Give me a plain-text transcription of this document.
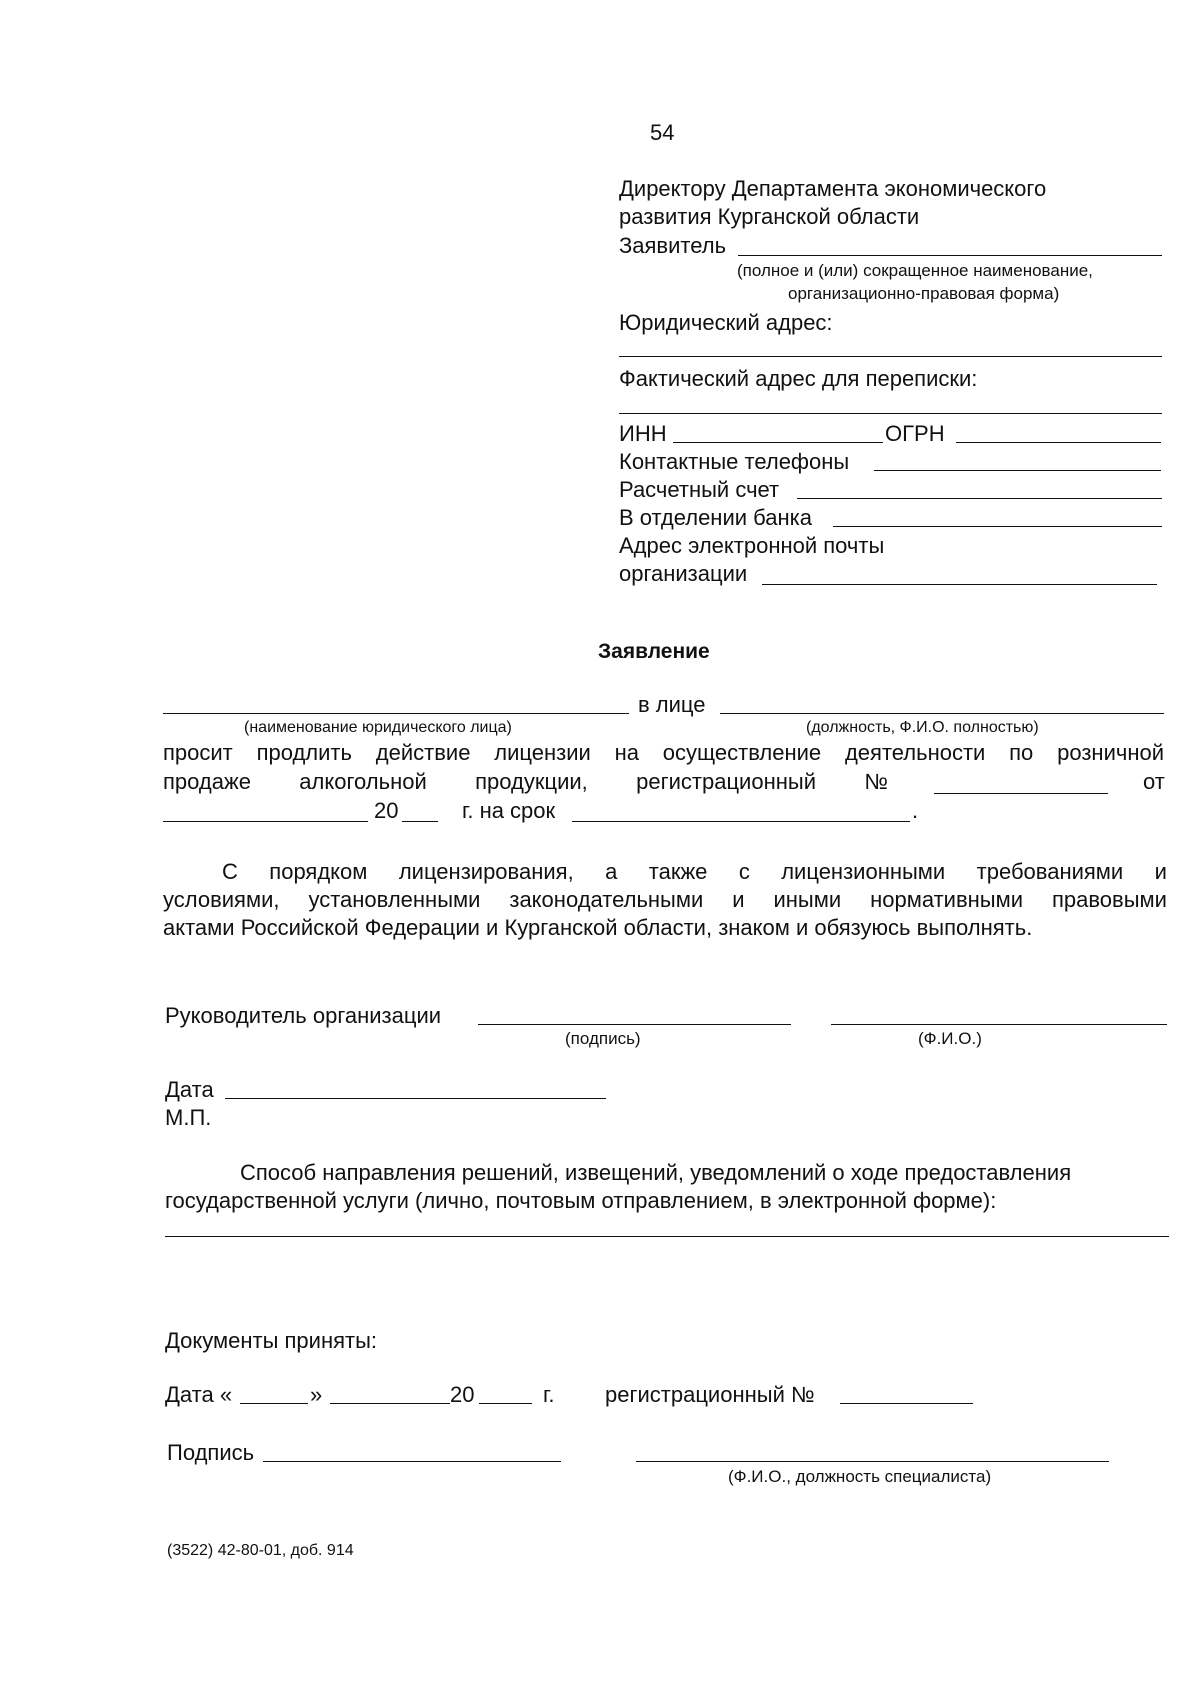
54
Директору Департамента экономического
развития Курганской области
Заявитель
(полное и (или) сокращенное наименование,
организационно-правовая форма)
Юридический адрес:
Фактический адрес для переписки:
ИНН	ОГРН
Контактные телефоны
Расчетный счет
В отделении банка
Адрес электронной почты
организации
Заявление
в лице
(наименование юридического лица)	(должность, Ф.И.О. полностью)
просит продлить действие лицензии на осуществление деятельности по розничной
продаже алкогольной продукции, регистрационный №	от
20	г. на срок	.
С порядком лицензирования, а также с лицензионными требованиями и
условиями, установленными законодательными и иными нормативными правовыми
актами Российской Федерации и Курганской области, знаком и обязуюсь выполнять.
Руководитель организации
(подпись)	(Ф.И.О.)
Дата
М.П.
Способ направления решений, извещений, уведомлений о ходе предоставления
государственной услуги (лично, почтовым отправлением, в электронной форме):
Документы приняты:
Дата «	»	20	г. регистрационный №
Подпись
(Ф.И.О., должность специалиста)
(3522) 42-80-01, доб. 914
